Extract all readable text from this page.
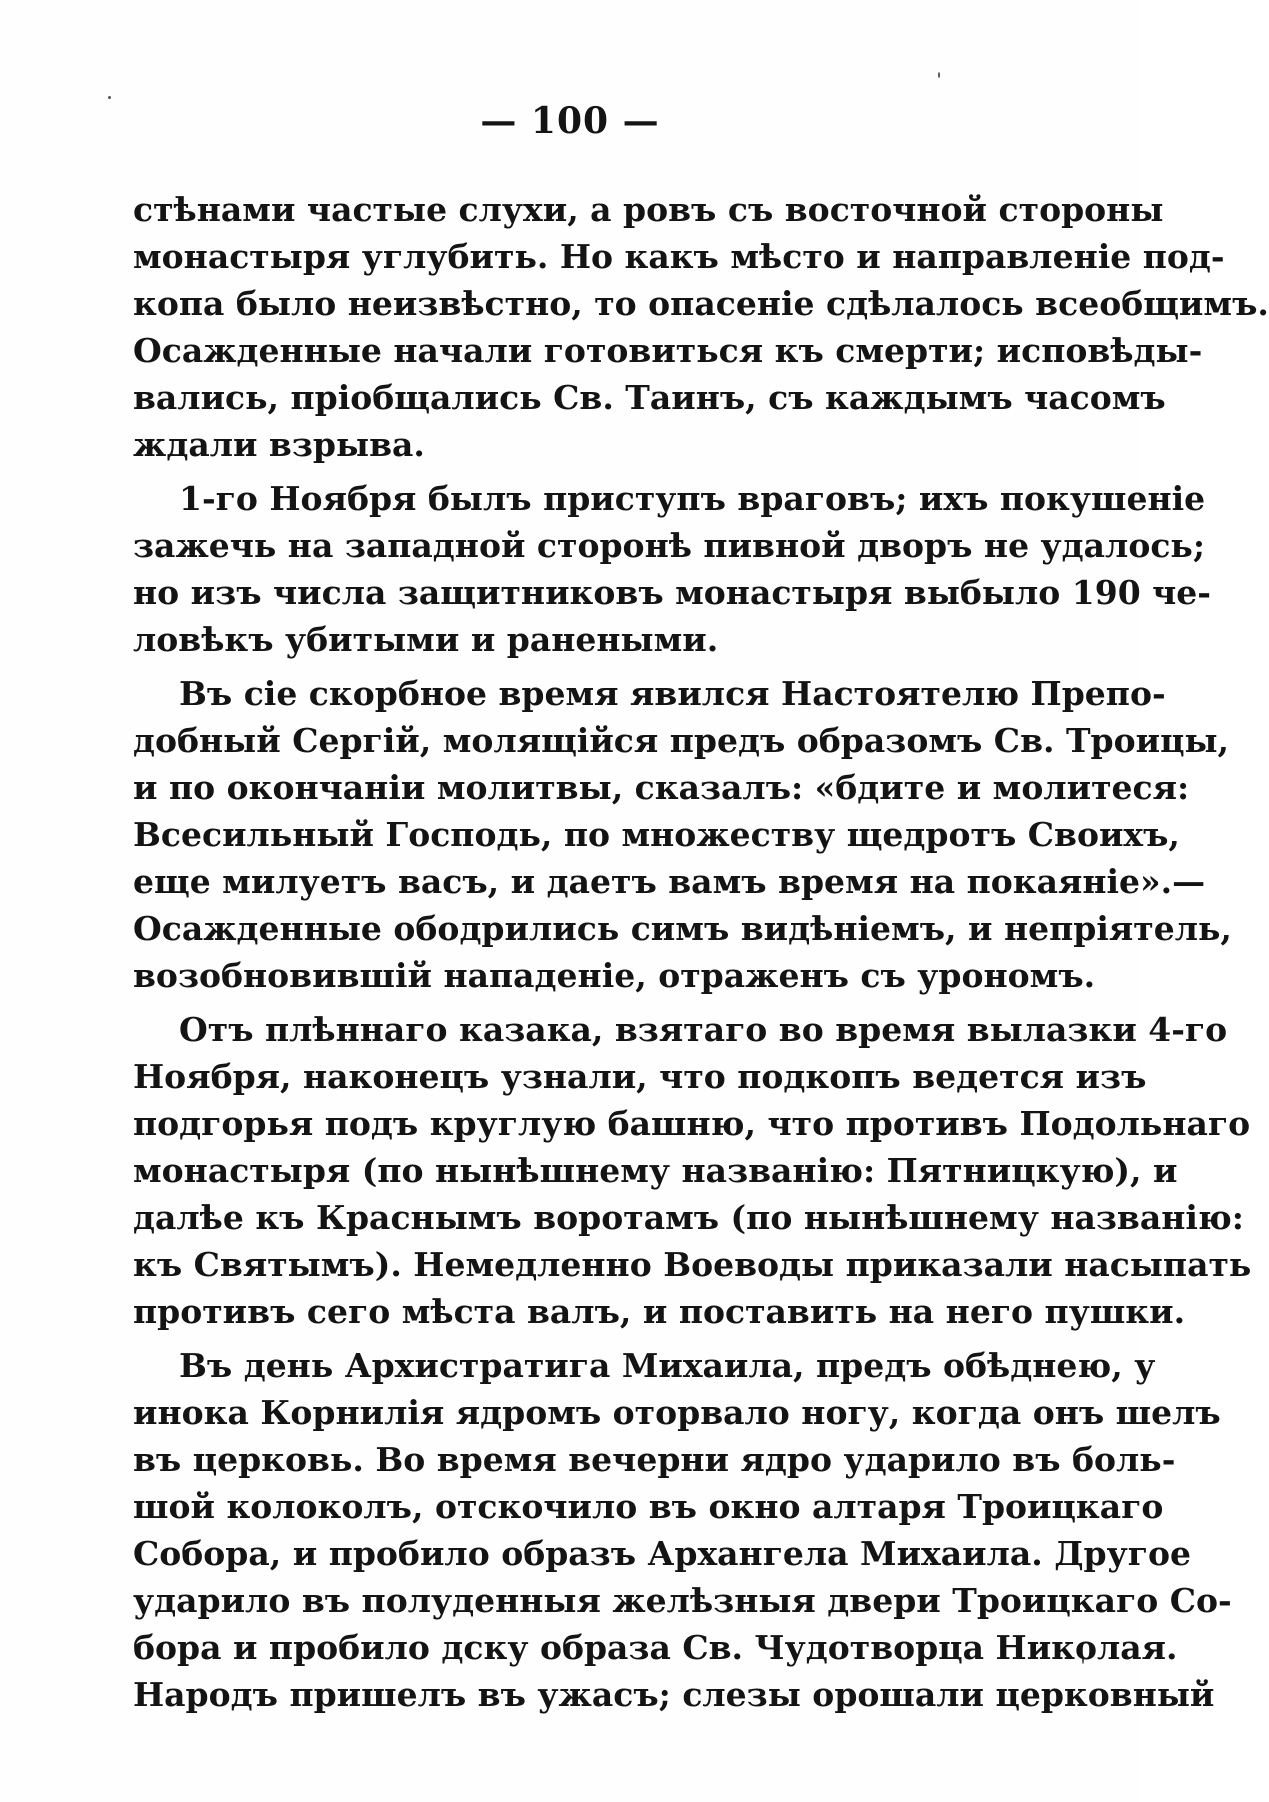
— 100 —
стѣнами частые слухи, а ровъ съ восточной стороны
монастыря углубить. Но какъ мѣсто и направленіе под-
копа было неизвѣстно, то опасеніе сдѣлалось всеобщимъ.
Осажденные начали готовиться къ смерти; исповѣды-
вались, пріобщались Св. Таинъ, съ каждымъ часомъ
ждали взрыва.
1-го Ноября былъ приступъ враговъ; ихъ покушеніе
зажечь на западной сторонѣ пивной дворъ не удалось;
но изъ числа защитниковъ монастыря выбыло 190 че-
ловѣкъ убитыми и ранеными.
Въ сіе скорбное время явился Настоятелю Препо-
добный Сергій, молящійся предъ образомъ Св. Троицы,
и по окончаніи молитвы, сказалъ: «бдите и молитеся:
Всесильный Господь, по множеству щедротъ Своихъ,
еще милуетъ васъ, и даетъ вамъ время на покаяніе».—
Осажденные ободрились симъ видѣніемъ, и непріятель,
возобновившій нападеніе, отраженъ съ урономъ.
Отъ плѣннаго казака, взятаго во время вылазки 4-го
Ноября, наконецъ узнали, что подкопъ ведется изъ
подгорья подъ круглую башню, что противъ Подольнаго
монастыря (по нынѣшнему названію: Пятницкую), и
далѣе къ Краснымъ воротамъ (по нынѣшнему названію:
къ Святымъ). Немедленно Воеводы приказали насыпать
противъ сего мѣста валъ, и поставить на него пушки.
Въ день Архистратига Михаила, предъ обѣднею, у
инока Корнилія ядромъ оторвало ногу, когда онъ шелъ
въ церковь. Во время вечерни ядро ударило въ боль-
шой колоколъ, отскочило въ окно алтаря Троицкаго
Собора, и пробило образъ Архангела Михаила. Другое
ударило въ полуденныя желѣзныя двери Троицкаго Со-
бора и пробило дску образа Св. Чудотворца Николая.
Народъ пришелъ въ ужасъ; слезы орошали церковный
